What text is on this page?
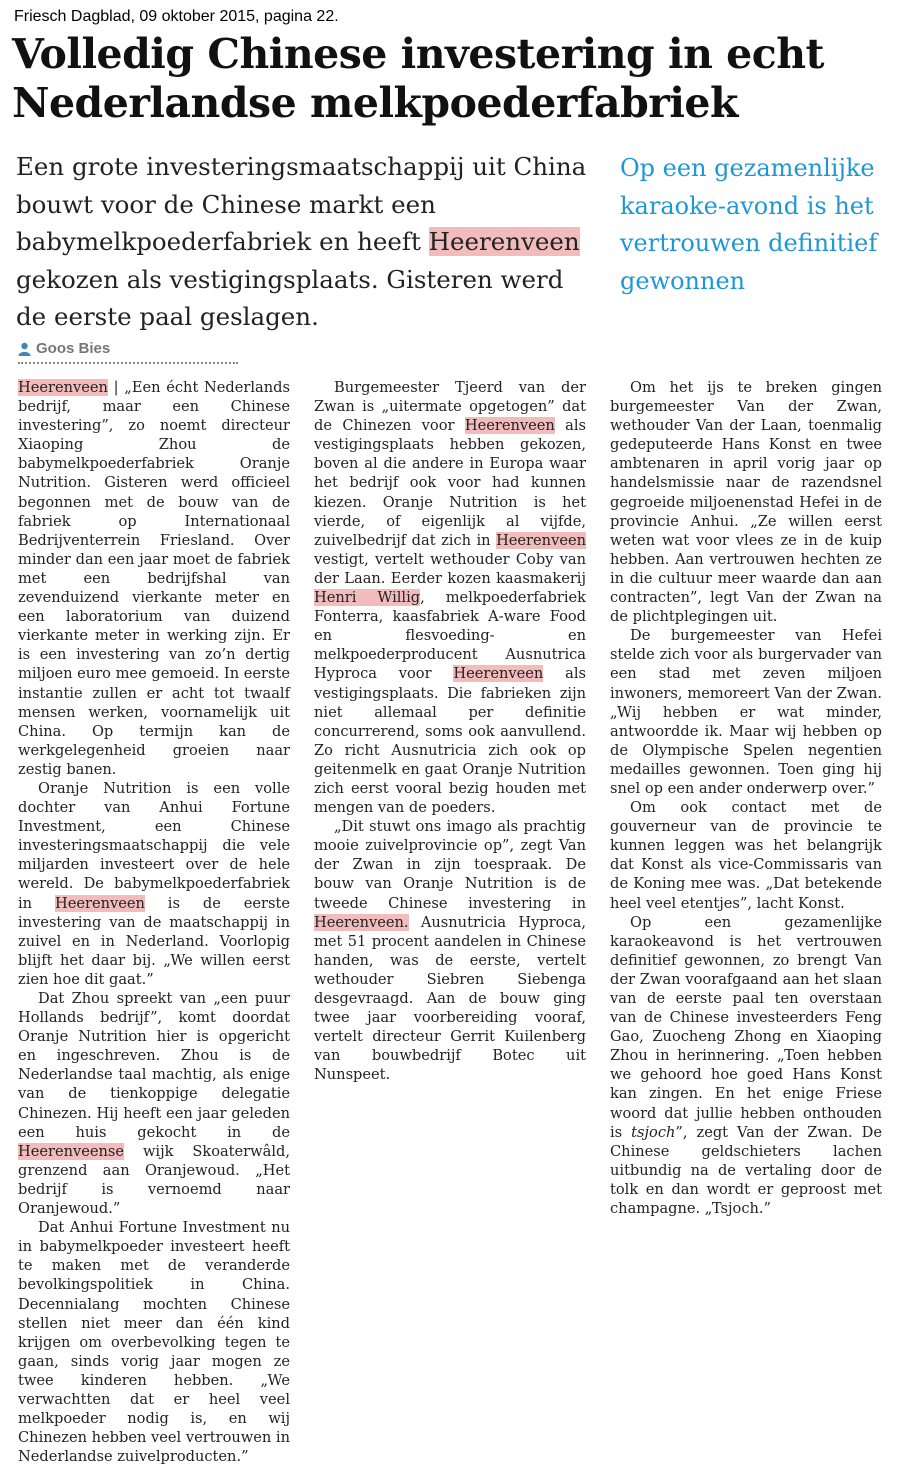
Friesch Dagblad, 09 oktober 2015, pagina 22.
Volledig Chinese investering in echt Nederlandse melkpoederfabriek

Een grote investeringsmaatschappij uit China bouwt voor de Chinese markt een babymelkpoederfabriek en heeft Heerenveen gekozen als vestigingsplaats. Gisteren werd de eerste paal geslagen.

Op een gezamenlijke karaoke-avond is het vertrouwen definitief gewonnen

Goos Bies

Heerenveen | „Een écht Nederlands bedrijf, maar een Chinese investering”, zo noemt directeur Xiaoping Zhou de babymelkpoederfabriek Oranje Nutrition. Gisteren werd officieel begonnen met de bouw van de fabriek op Internationaal Bedrijventerrein Friesland. Over minder dan een jaar moet de fabriek met een bedrijfshal van zevenduizend vierkante meter en een laboratorium van duizend vierkante meter in werking zijn. Er is een investering van zo’n dertig miljoen euro mee gemoeid. In eerste instantie zullen er acht tot twaalf mensen werken, voornamelijk uit China. Op termijn kan de werkgelegenheid groeien naar zestig banen.

Oranje Nutrition is een volle dochter van Anhui Fortune Investment, een Chinese investeringsmaatschappij die vele miljarden investeert over de hele wereld. De babymelkpoederfabriek in Heerenveen is de eerste investering van de maatschappij in zuivel en in Nederland. Voorlopig blijft het daar bij. „We willen eerst zien hoe dit gaat.”

Dat Zhou spreekt van „een puur Hollands bedrijf”, komt doordat Oranje Nutrition hier is opgericht en ingeschreven. Zhou is de Nederlandse taal machtig, als enige van de tienkoppige delegatie Chinezen. Hij heeft een jaar geleden een huis gekocht in de Heerenveense wijk Skoaterwâld, grenzend aan Oranjewoud. „Het bedrijf is vernoemd naar Oranjewoud.”

Dat Anhui Fortune Investment nu in babymelkpoeder investeert heeft te maken met de veranderde bevolkingspolitiek in China. Decennialang mochten Chinese stellen niet meer dan één kind krijgen om overbevolking tegen te gaan, sinds vorig jaar mogen ze twee kinderen hebben. „We verwachtten dat er heel veel melkpoeder nodig is, en wij Chinezen hebben veel vertrouwen in Nederlandse zuivelproducten.”

Burgemeester Tjeerd van der Zwan is „uitermate opgetogen” dat de Chinezen voor Heerenveen als vestigingsplaats hebben gekozen, boven al die andere in Europa waar het bedrijf ook voor had kunnen kiezen. Oranje Nutrition is het vierde, of eigenlijk al vijfde, zuivelbedrijf dat zich in Heerenveen vestigt, vertelt wethouder Coby van der Laan. Eerder kozen kaasmakerij Henri Willig, melkpoederfabriek Fonterra, kaasfabriek A-ware Food en flesvoeding- en melkpoederproducent Ausnutrica Hyproca voor Heerenveen als vestigingsplaats. Die fabrieken zijn niet allemaal per definitie concurrerend, soms ook aanvullend. Zo richt Ausnutricia zich ook op geitenmelk en gaat Oranje Nutrition zich eerst vooral bezig houden met mengen van de poeders.

„Dit stuwt ons imago als prachtig mooie zuivelprovincie op”, zegt Van der Zwan in zijn toespraak. De bouw van Oranje Nutrition is de tweede Chinese investering in Heerenveen. Ausnutricia Hyproca, met 51 procent aandelen in Chinese handen, was de eerste, vertelt wethouder Siebren Siebenga desgevraagd. Aan de bouw ging twee jaar voorbereiding vooraf, vertelt directeur Gerrit Kuilenberg van bouwbedrijf Botec uit Nunspeet.

Om het ijs te breken gingen burgemeester Van der Zwan, wethouder Van der Laan, toenmalig gedeputeerde Hans Konst en twee ambtenaren in april vorig jaar op handelsmissie naar de razendsnel gegroeide miljoenenstad Hefei in de provincie Anhui. „Ze willen eerst weten wat voor vlees ze in de kuip hebben. Aan vertrouwen hechten ze in die cultuur meer waarde dan aan contracten”, legt Van der Zwan na de plichtplegingen uit.

De burgemeester van Hefei stelde zich voor als burgervader van een stad met zeven miljoen inwoners, memoreert Van der Zwan. „Wij hebben er wat minder, antwoordde ik. Maar wij hebben op de Olympische Spelen negentien medailles gewonnen. Toen ging hij snel op een ander onderwerp over.”

Om ook contact met de gouverneur van de provincie te kunnen leggen was het belangrijk dat Konst als vice-Commissaris van de Koning mee was. „Dat betekende heel veel etentjes”, lacht Konst.

Op een gezamenlijke karaokeavond is het vertrouwen definitief gewonnen, zo brengt Van der Zwan voorafgaand aan het slaan van de eerste paal ten overstaan van de Chinese investeerders Feng Gao, Zuocheng Zhong en Xiaoping Zhou in herinnering. „Toen hebben we gehoord hoe goed Hans Konst kan zingen. En het enige Friese woord dat jullie hebben onthouden is tsjoch”, zegt Van der Zwan. De Chinese geldschieters lachen uitbundig na de vertaling door de tolk en dan wordt er geproost met champagne. „Tsjoch.”
